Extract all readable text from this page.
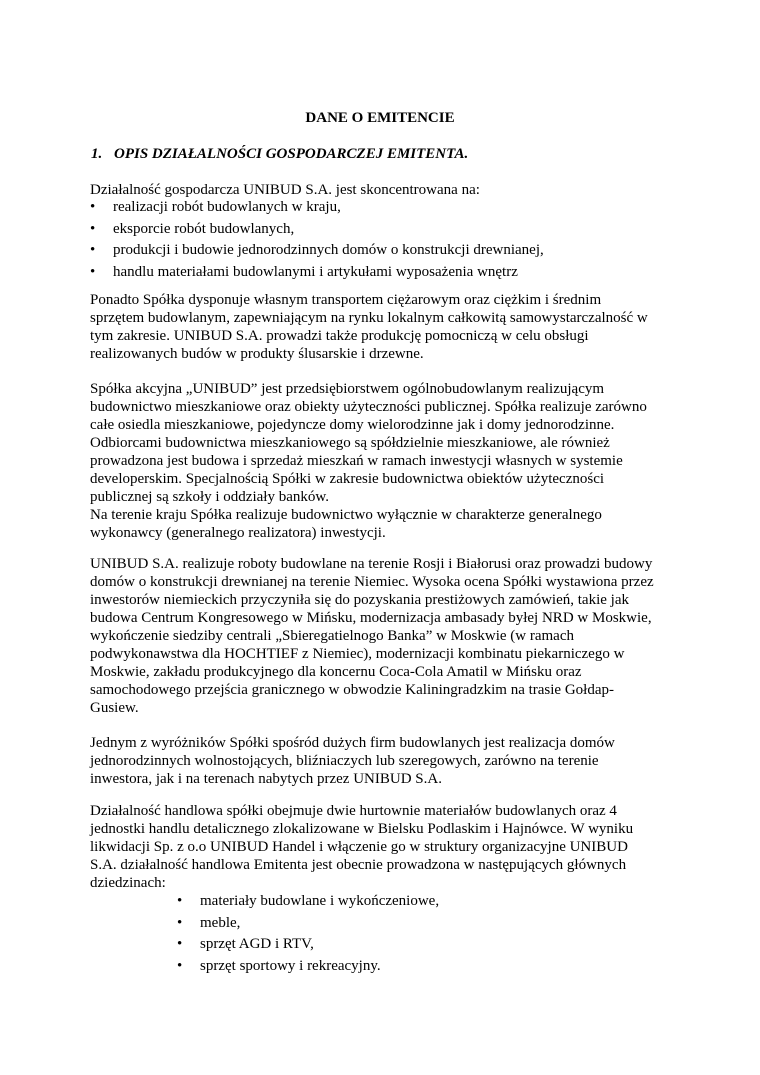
DANE O EMITENCIE
1. OPIS DZIAŁALNOŚCI GOSPODARCZEJ EMITENTA.

Działalność gospodarcza UNIBUD S.A. jest skoncentrowana na:

• realizacji robót budowlanych w kraju,
• eksporcie robót budowlanych,
• produkcji i budowie jednorodzinnych domów o konstrukcji drewnianej,
• handlu materiałami budowlanymi i artykułami wyposażenia wnętrz

Ponadto Spółka dysponuje własnym transportem ciężarowym oraz ciężkim i średnim

sprzętem budowlanym, zapewniającym na rynku lokalnym całkowitą samowystarczalność w

tym zakresie. UNIBUD S.A. prowadzi także produkcję pomocniczą w celu obsługi

realizowanych budów w produkty ślusarskie i drzewne.

Spółka akcyjna „UNIBUD” jest przedsiębiorstwem ogólnobudowlanym realizującym

budownictwo mieszkaniowe oraz obiekty użyteczności publicznej. Spółka realizuje zarówno

całe osiedla mieszkaniowe, pojedyncze domy wielorodzinne jak i domy jednorodzinne.

Odbiorcami budownictwa mieszkaniowego są spółdzielnie mieszkaniowe, ale również

prowadzona jest budowa i sprzedaż mieszkań w ramach inwestycji własnych w systemie

developerskim. Specjalnością Spółki w zakresie budownictwa obiektów użyteczności

publicznej są szkoły i oddziały banków.

Na terenie kraju Spółka realizuje budownictwo wyłącznie w charakterze generalnego

wykonawcy (generalnego realizatora) inwestycji.

UNIBUD S.A. realizuje roboty budowlane na terenie Rosji i Białorusi oraz prowadzi budowy

domów o konstrukcji drewnianej na terenie Niemiec. Wysoka ocena Spółki wystawiona przez

inwestorów niemieckich przyczyniła się do pozyskania prestiżowych zamówień, takie jak

budowa Centrum Kongresowego w Mińsku, modernizacja ambasady byłej NRD w Moskwie,

wykończenie siedziby centrali „Sbieregatielnogo Banka” w Moskwie (w ramach

podwykonawstwa dla HOCHTIEF z Niemiec), modernizacji kombinatu piekarniczego w

Moskwie, zakładu produkcyjnego dla koncernu Coca-Cola Amatil w Mińsku oraz

samochodowego przejścia granicznego w obwodzie Kaliningradzkim na trasie Gołdap-

Gusiew.

Jednym z wyróżników Spółki spośród dużych firm budowlanych jest realizacja domów

jednorodzinnych wolnostojących, bliźniaczych lub szeregowych, zarówno na terenie

inwestora, jak i na terenach nabytych przez UNIBUD S.A.

Działalność handlowa spółki obejmuje dwie hurtownie materiałów budowlanych oraz 4

jednostki handlu detalicznego zlokalizowane w Bielsku Podlaskim i Hajnówce. W wyniku

likwidacji Sp. z o.o UNIBUD Handel i włączenie go w struktury organizacyjne UNIBUD

S.A. działalność handlowa Emitenta jest obecnie prowadzona w następujących głównych

dziedzinach:

• materiały budowlane i wykończeniowe,
• meble,
• sprzęt AGD i RTV,
• sprzęt sportowy i rekreacyjny.
